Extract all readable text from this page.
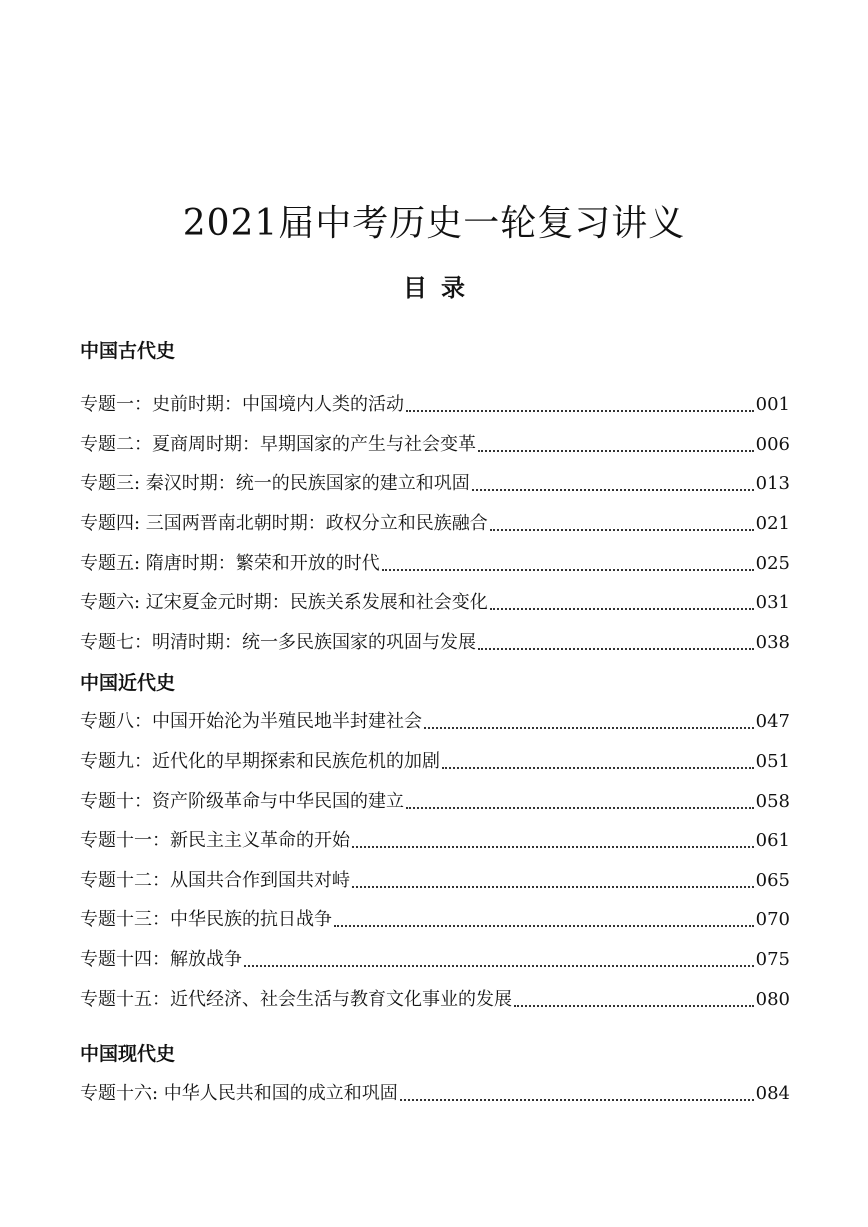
2021届中考历史一轮复习讲义
目 录
中国古代史
专题一：史前时期：中国境内人类的活动	001
专题二：夏商周时期：早期国家的产生与社会变革	006
专题三: 秦汉时期：统一的民族国家的建立和巩固	013
专题四: 三国两晋南北朝时期：政权分立和民族融合	021
专题五: 隋唐时期：繁荣和开放的时代	025
专题六: 辽宋夏金元时期：民族关系发展和社会变化	031
专题七：明清时期：统一多民族国家的巩固与发展	038
中国近代史
专题八：中国开始沦为半殖民地半封建社会	047
专题九：近代化的早期探索和民族危机的加剧	051
专题十：资产阶级革命与中华民国的建立	058
专题十一：新民主主义革命的开始	061
专题十二：从国共合作到国共对峙	065
专题十三：中华民族的抗日战争	070
专题十四：解放战争	075
专题十五：近代经济、社会生活与教育文化事业的发展	080
中国现代史
专题十六: 中华人民共和国的成立和巩固	084
